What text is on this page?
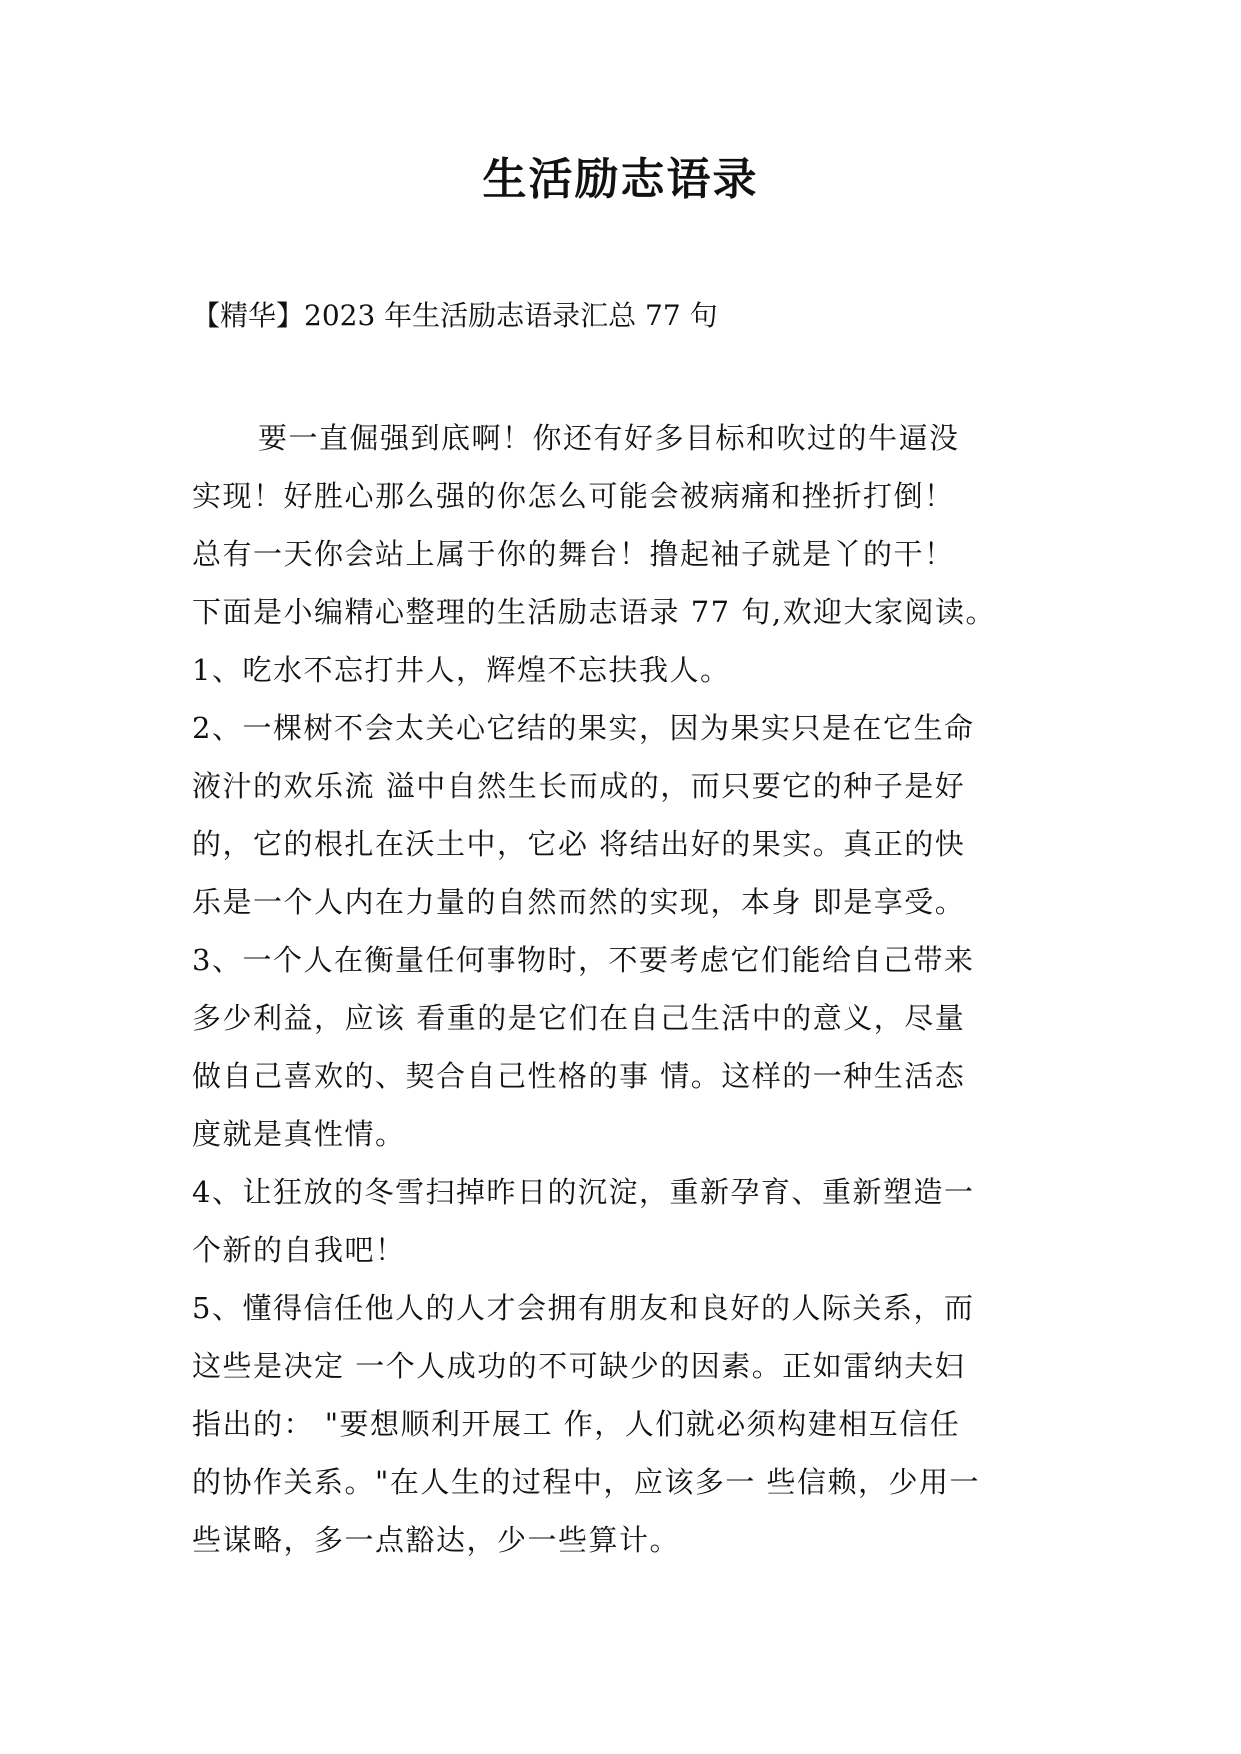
生活励志语录

【精华】2023 年生活励志语录汇总 77 句

要一直倔强到底啊！你还有好多目标和吹过的牛逼没
实现！好胜心那么强的你怎么可能会被病痛和挫折打倒！
总有一天你会站上属于你的舞台！撸起袖子就是丫的干！
下面是小编精心整理的生活励志语录 77 句,欢迎大家阅读。
1、吃水不忘打井人，辉煌不忘扶我人。
2、一棵树不会太关心它结的果实，因为果实只是在它生命
液汁的欢乐流 溢中自然生长而成的，而只要它的种子是好
的，它的根扎在沃土中，它必 将结出好的果实。真正的快
乐是一个人内在力量的自然而然的实现，本身 即是享受。
3、一个人在衡量任何事物时，不要考虑它们能给自己带来
多少利益，应该 看重的是它们在自己生活中的意义，尽量
做自己喜欢的、契合自己性格的事 情。这样的一种生活态
度就是真性情。
4、让狂放的冬雪扫掉昨日的沉淀，重新孕育、重新塑造一
个新的自我吧！
5、懂得信任他人的人才会拥有朋友和良好的人际关系，而
这些是决定 一个人成功的不可缺少的因素。正如雷纳夫妇
指出的： "要想顺利开展工 作，人们就必须构建相互信任
的协作关系。"在人生的过程中，应该多一 些信赖，少用一
些谋略，多一点豁达，少一些算计。
